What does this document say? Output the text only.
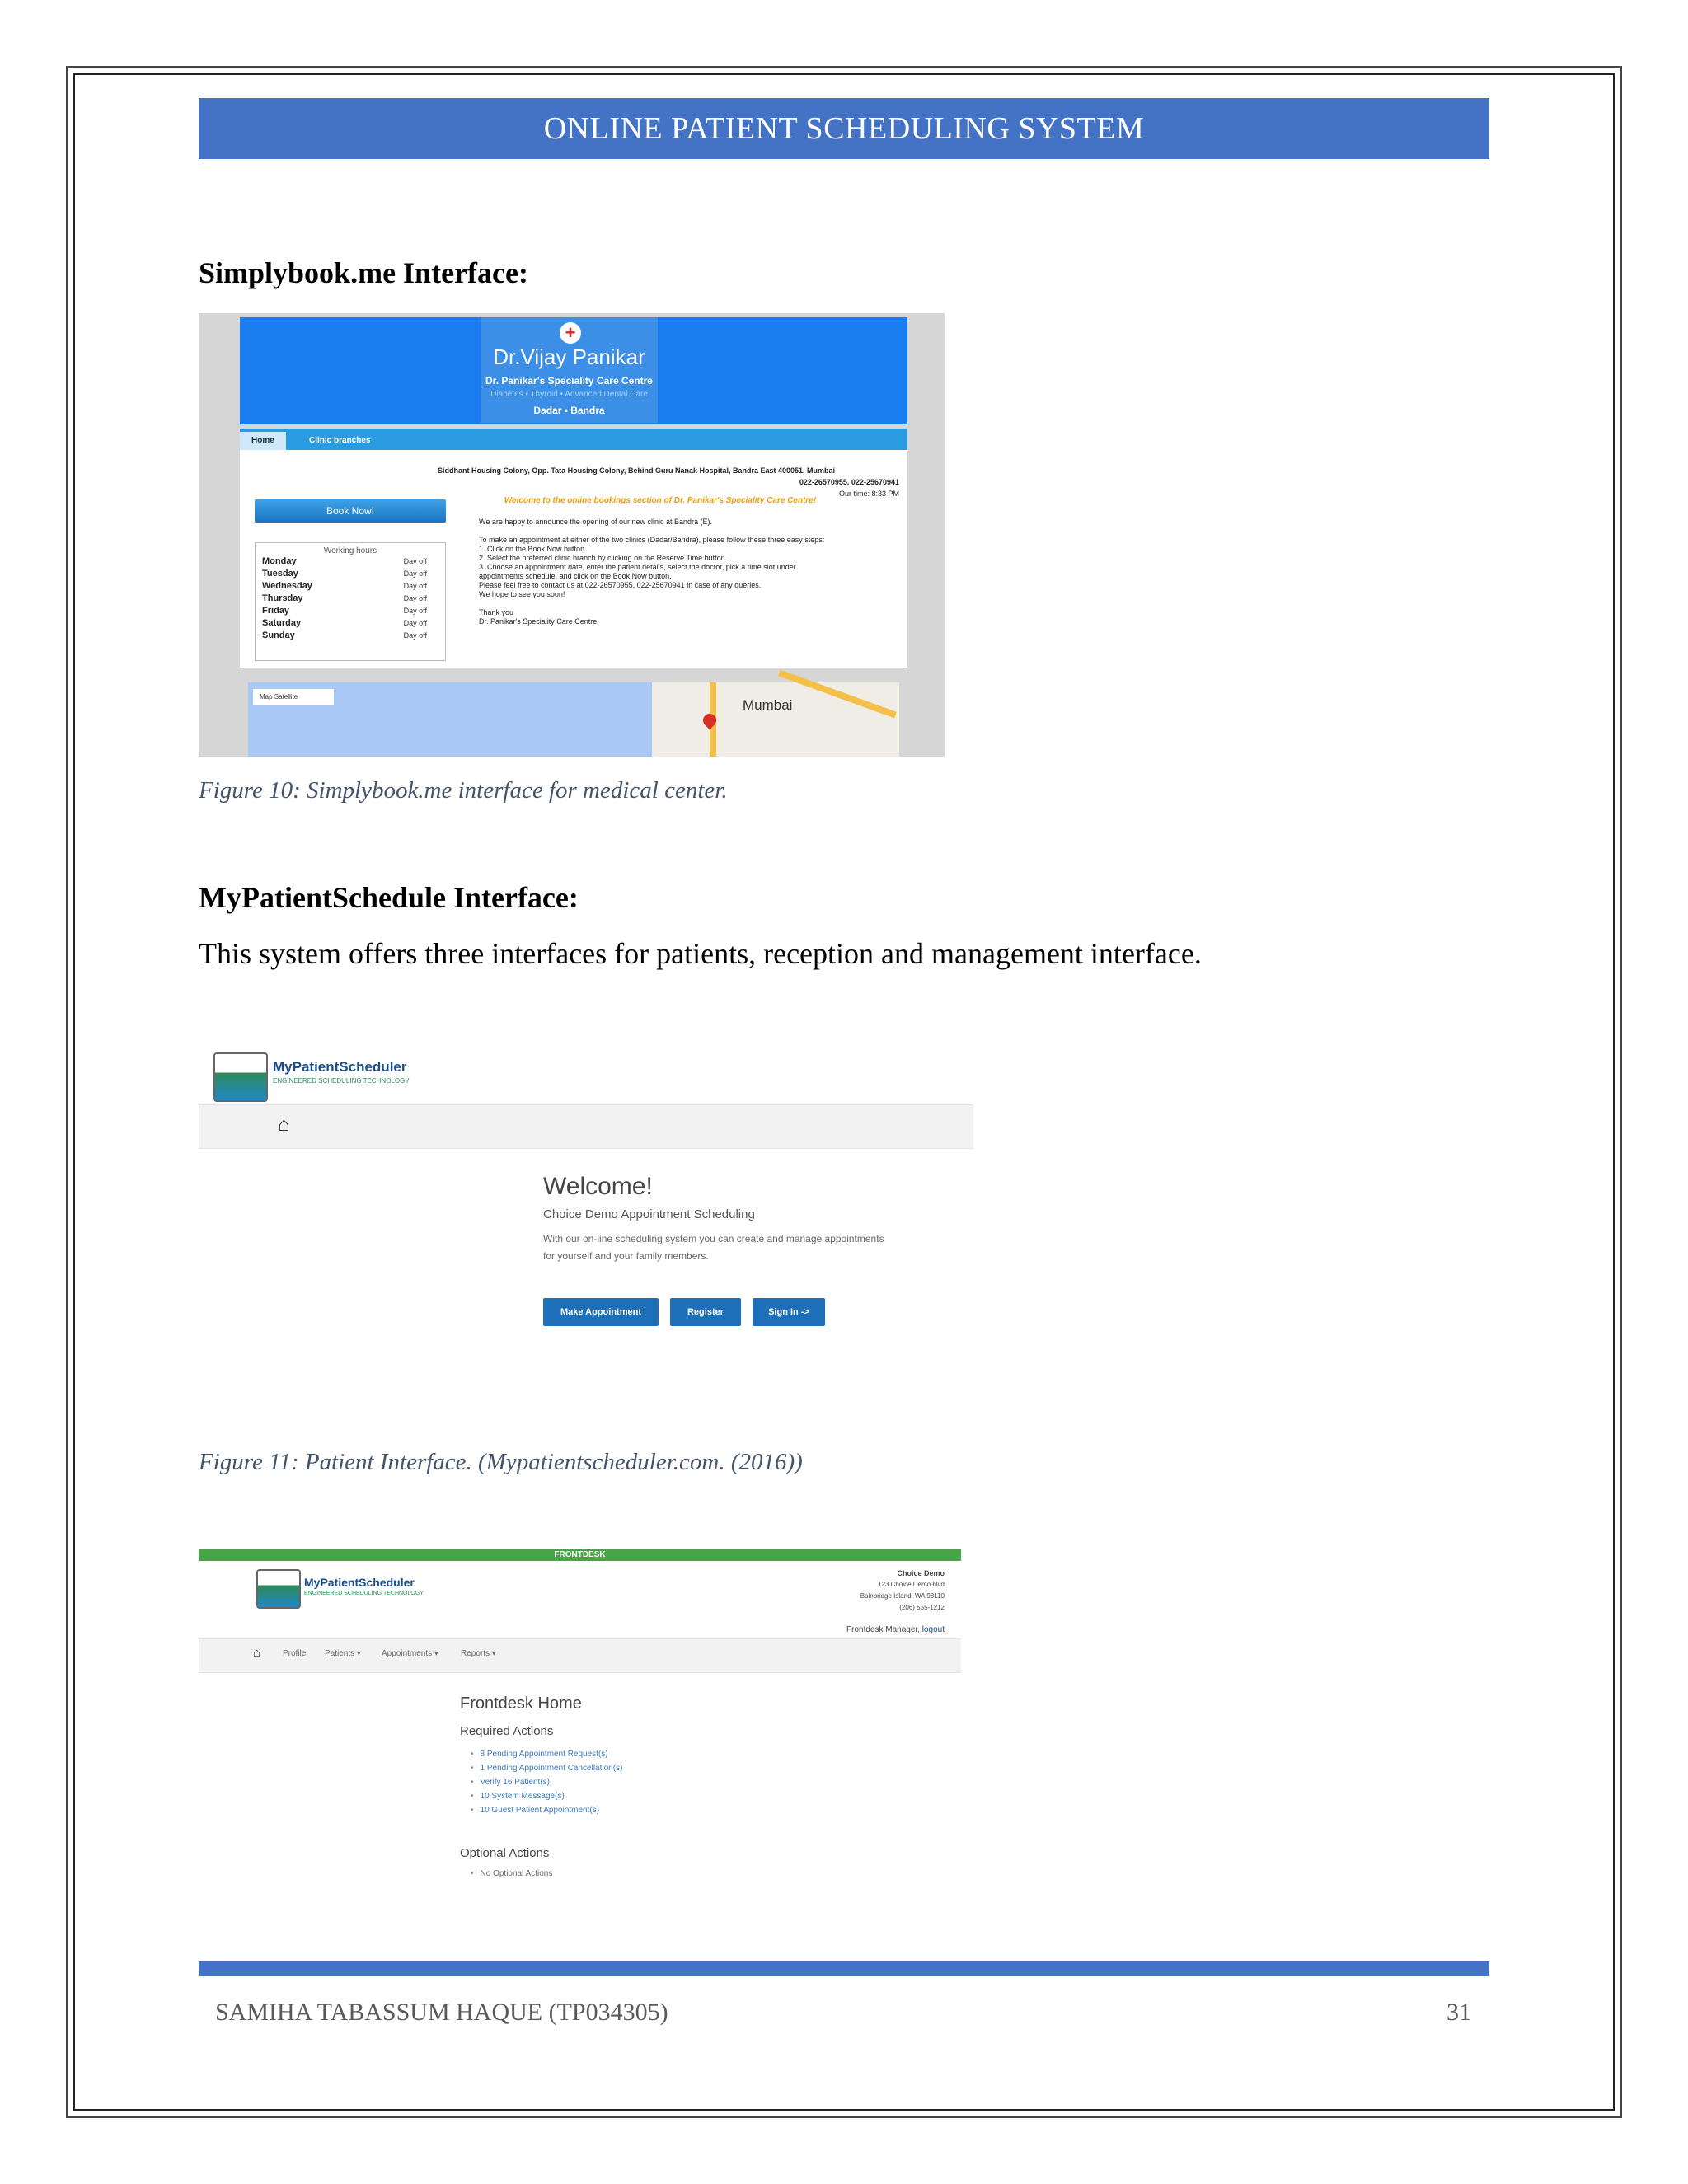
ONLINE PATIENT SCHEDULING SYSTEM
Simplybook.me Interface:
+
Dr.Vijay Panikar
Dr. Panikar's Speciality Care Centre
Diabetes • Thyroid • Advanced Dental Care
Dadar • Bandra
Home	Clinic branches
Siddhant Housing Colony, Opp. Tata Housing Colony, Behind Guru Nanak Hospital, Bandra East 400051, Mumbai
022-26570955, 022-25670941
Our time: 8:33 PM
Welcome to the online bookings section of Dr. Panikar's Speciality Care Centre!
Book Now!
Working hours
Monday	Day off
Tuesday	Day off
Wednesday	Day off
Thursday	Day off
Friday	Day off
Saturday	Day off
Sunday	Day off
We are happy to announce the opening of our new clinic at Bandra (E).
To make an appointment at either of the two clinics (Dadar/Bandra), please follow these three easy steps:
1. Click on the Book Now button.
2. Select the preferred clinic branch by clicking on the Reserve Time button.
3. Choose an appointment date, enter the patient details, select the doctor, pick a time slot under
appointments schedule, and click on the Book Now button.
Please feel free to contact us at 022-26570955, 022-25670941 in case of any queries.
We hope to see you soon!
Thank you
Dr. Panikar's Speciality Care Centre
Map Satellite
Mumbai
Figure 10: Simplybook.me interface for medical center.
MyPatientSchedule Interface:
This system offers three interfaces for patients, reception and management interface.
MyPatientScheduler
ENGINEERED SCHEDULING TECHNOLOGY
⌂
Welcome!
Choice Demo Appointment Scheduling
With our on-line scheduling system you can create and manage appointments for yourself and your family members.
Make Appointment	Register	Sign In ->
Figure 11: Patient Interface. (Mypatientscheduler.com. (2016))
FRONTDESK
MyPatientScheduler
ENGINEERED SCHEDULING TECHNOLOGY
Choice Demo
123 Choice Demo blvd
Bainbridge Island, WA 98110
(206) 555-1212
Frontdesk Manager, logout
⌂	Profile Patients ▾	Appointments ▾	Reports ▾
Frontdesk Home
Required Actions
• 8 Pending Appointment Request(s)
• 1 Pending Appointment Cancellation(s)
• Verify 16 Patient(s)
• 10 System Message(s)
• 10 Guest Patient Appointment(s)
Optional Actions
• No Optional Actions
SAMIHA TABASSUM HAQUE (TP034305)	31
